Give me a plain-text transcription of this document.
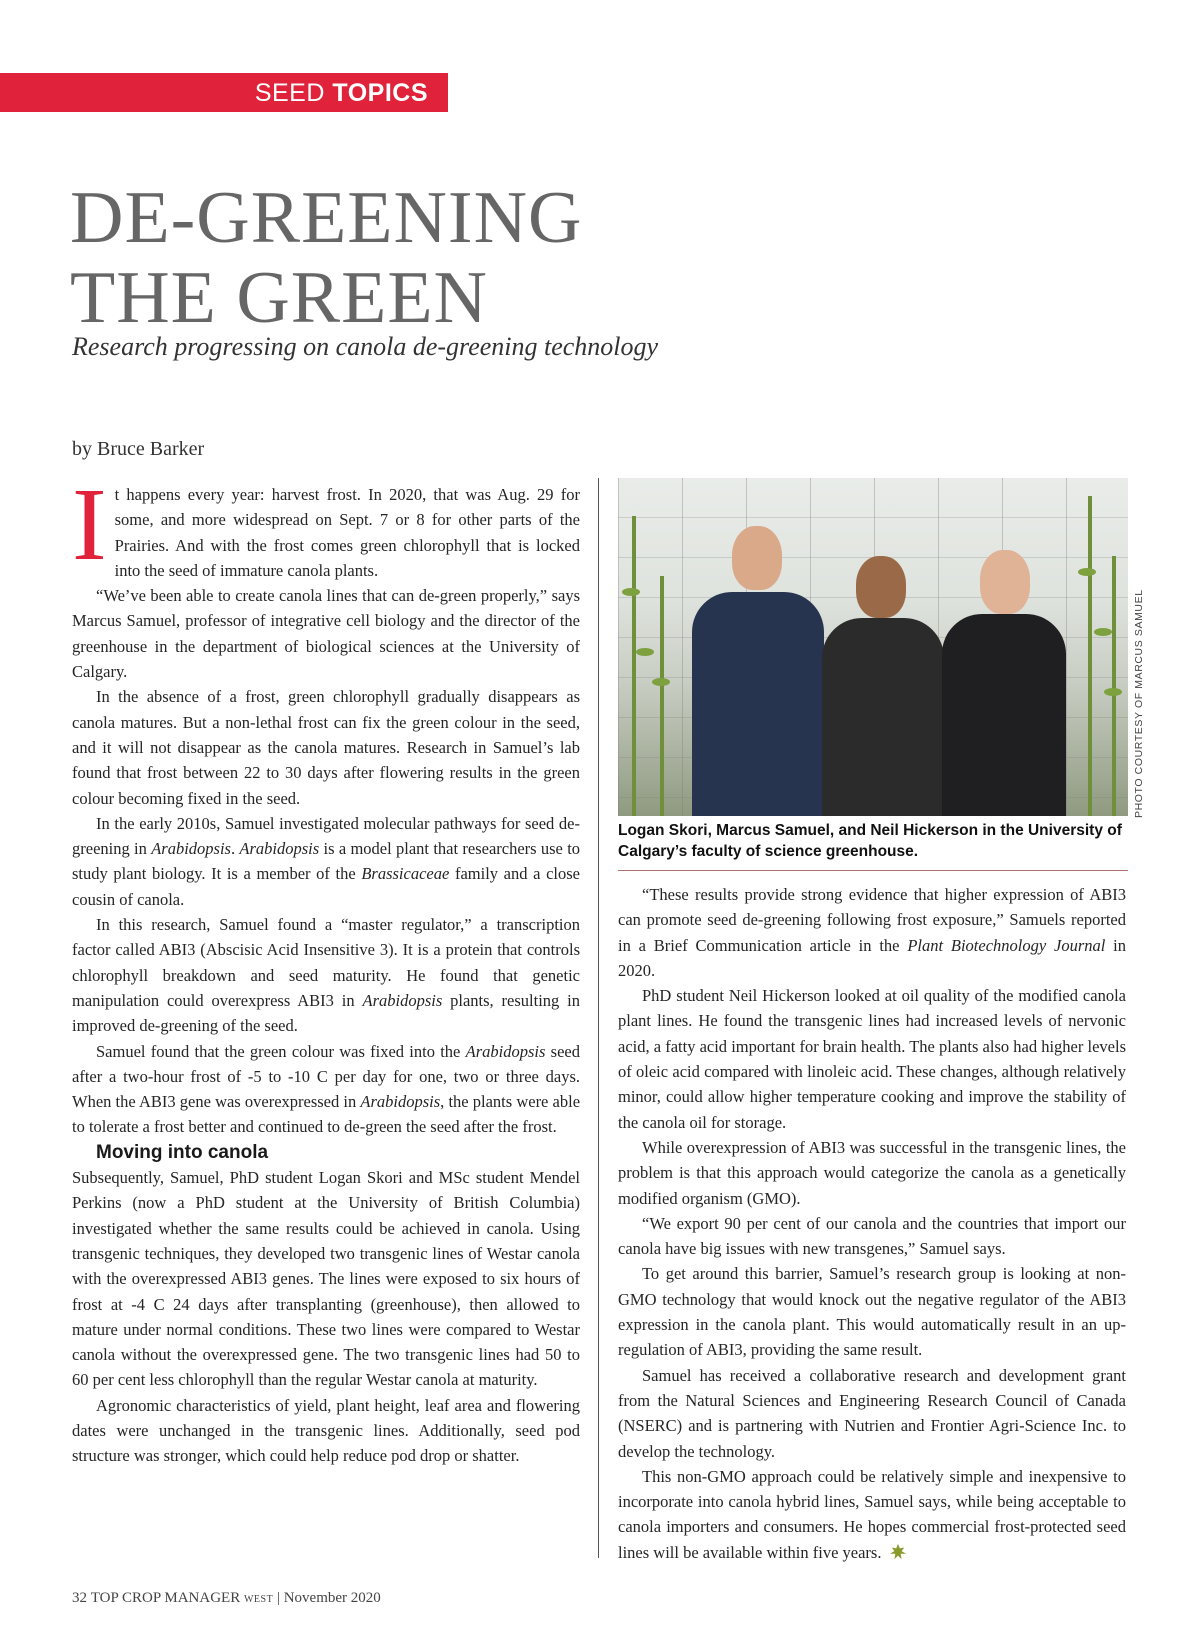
SEED TOPICS
DE-GREENING
THE GREEN

Research progressing on canola de-greening technology

by Bruce Barker

It happens every year: harvest frost. In 2020, that was Aug. 29 for some, and more widespread on Sept. 7 or 8 for other parts of the Prairies. And with the frost comes green chlorophyll that is locked into the seed of immature canola plants.

“We’ve been able to create canola lines that can de-green properly,” says Marcus Samuel, professor of integrative cell biology and the director of the greenhouse in the department of biological sciences at the University of Calgary.

In the absence of a frost, green chlorophyll gradually disappears as canola matures. But a non-lethal frost can fix the green colour in the seed, and it will not disappear as the canola matures. Research in Samuel’s lab found that frost between 22 to 30 days after flowering results in the green colour becoming fixed in the seed.

In the early 2010s, Samuel investigated molecular pathways for seed de-greening in Arabidopsis. Arabidopsis is a model plant that researchers use to study plant biology. It is a member of the Brassicaceae family and a close cousin of canola.

In this research, Samuel found a “master regulator,” a transcription factor called ABI3 (Abscisic Acid Insensitive 3). It is a protein that controls chlorophyll breakdown and seed maturity. He found that genetic manipulation could overexpress ABI3 in Arabidopsis plants, resulting in improved de-greening of the seed.

Samuel found that the green colour was fixed into the Arabidopsis seed after a two-hour frost of -5 to -10 C per day for one, two or three days. When the ABI3 gene was overexpressed in Arabidopsis, the plants were able to tolerate a frost better and continued to de-green the seed after the frost.

Moving into canola

Subsequently, Samuel, PhD student Logan Skori and MSc student Mendel Perkins (now a PhD student at the University of British Columbia) investigated whether the same results could be achieved in canola. Using transgenic techniques, they developed two transgenic lines of Westar canola with the overexpressed ABI3 genes. The lines were exposed to six hours of frost at -4 C 24 days after transplanting (greenhouse), then allowed to mature under normal conditions. These two lines were compared to Westar canola without the overexpressed gene. The two transgenic lines had 50 to 60 per cent less chlorophyll than the regular Westar canola at maturity.

Agronomic characteristics of yield, plant height, leaf area and flowering dates were unchanged in the transgenic lines. Additionally, seed pod structure was stronger, which could help reduce pod drop or shatter.

PHOTO COURTESY OF MARCUS SAMUEL

Logan Skori, Marcus Samuel, and Neil Hickerson in the University of Calgary’s faculty of science greenhouse.

“These results provide strong evidence that higher expression of ABI3 can promote seed de-greening following frost exposure,” Samuels reported in a Brief Communication article in the Plant Biotechnology Journal in 2020.

PhD student Neil Hickerson looked at oil quality of the modified canola plant lines. He found the transgenic lines had increased levels of nervonic acid, a fatty acid important for brain health. The plants also had higher levels of oleic acid compared with linoleic acid. These changes, although relatively minor, could allow higher temperature cooking and improve the stability of the canola oil for storage.

While overexpression of ABI3 was successful in the transgenic lines, the problem is that this approach would categorize the canola as a genetically modified organism (GMO).

“We export 90 per cent of our canola and the countries that import our canola have big issues with new transgenes,” Samuel says.

To get around this barrier, Samuel’s research group is looking at non-GMO technology that would knock out the negative regulator of the ABI3 expression in the canola plant. This would automatically result in an up-regulation of ABI3, providing the same result.

Samuel has received a collaborative research and development grant from the Natural Sciences and Engineering Research Council of Canada (NSERC) and is partnering with Nutrien and Frontier Agri-Science Inc. to develop the technology.

This non-GMO approach could be relatively simple and inexpensive to incorporate into canola hybrid lines, Samuel says, while being acceptable to canola importers and consumers. He hopes commercial frost-protected seed lines will be available within five years.

32 TOP CROP MANAGER WEST | November 2020
